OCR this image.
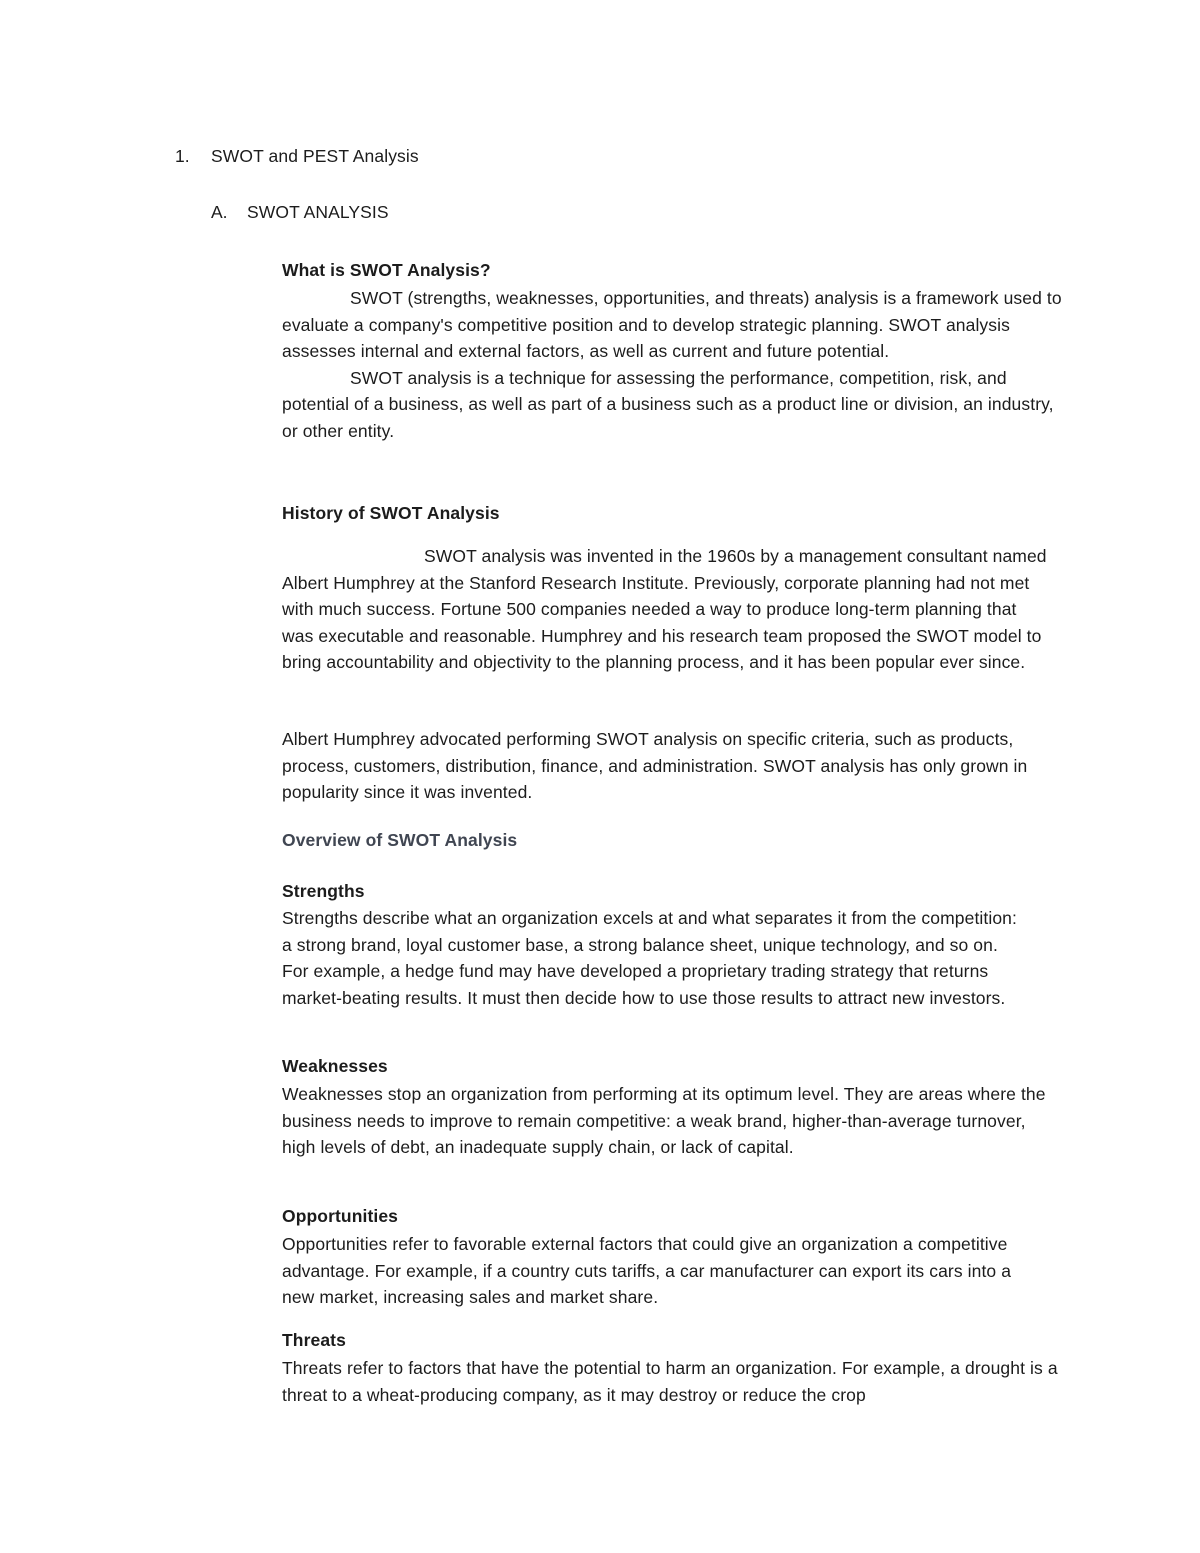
1. SWOT and PEST Analysis
A. SWOT ANALYSIS
What is SWOT Analysis?

SWOT (strengths, weaknesses, opportunities, and threats) analysis is a framework used to evaluate a company's competitive position and to develop strategic planning. SWOT analysis assesses internal and external factors, as well as current and future potential.

SWOT analysis is a technique for assessing the performance, competition, risk, and potential of a business, as well as part of a business such as a product line or division, an industry, or other entity.

History of SWOT Analysis

SWOT analysis was invented in the 1960s by a management consultant named Albert Humphrey at the Stanford Research Institute. Previously, corporate planning had not met with much success. Fortune 500 companies needed a way to produce long-term planning that was executable and reasonable. Humphrey and his research team proposed the SWOT model to bring accountability and objectivity to the planning process, and it has been popular ever since.

Albert Humphrey advocated performing SWOT analysis on specific criteria, such as products, process, customers, distribution, finance, and administration. SWOT analysis has only grown in popularity since it was invented.

Overview of SWOT Analysis
Strengths

Strengths describe what an organization excels at and what separates it from the competition: a strong brand, loyal customer base, a strong balance sheet, unique technology, and so on. For example, a hedge fund may have developed a proprietary trading strategy that returns market-beating results. It must then decide how to use those results to attract new investors.

Weaknesses

Weaknesses stop an organization from performing at its optimum level. They are areas where the business needs to improve to remain competitive: a weak brand, higher-than-average turnover, high levels of debt, an inadequate supply chain, or lack of capital.

Opportunities

Opportunities refer to favorable external factors that could give an organization a competitive advantage. For example, if a country cuts tariffs, a car manufacturer can export its cars into a new market, increasing sales and market share.

Threats

Threats refer to factors that have the potential to harm an organization. For example, a drought is a threat to a wheat-producing company, as it may destroy or reduce the crop
